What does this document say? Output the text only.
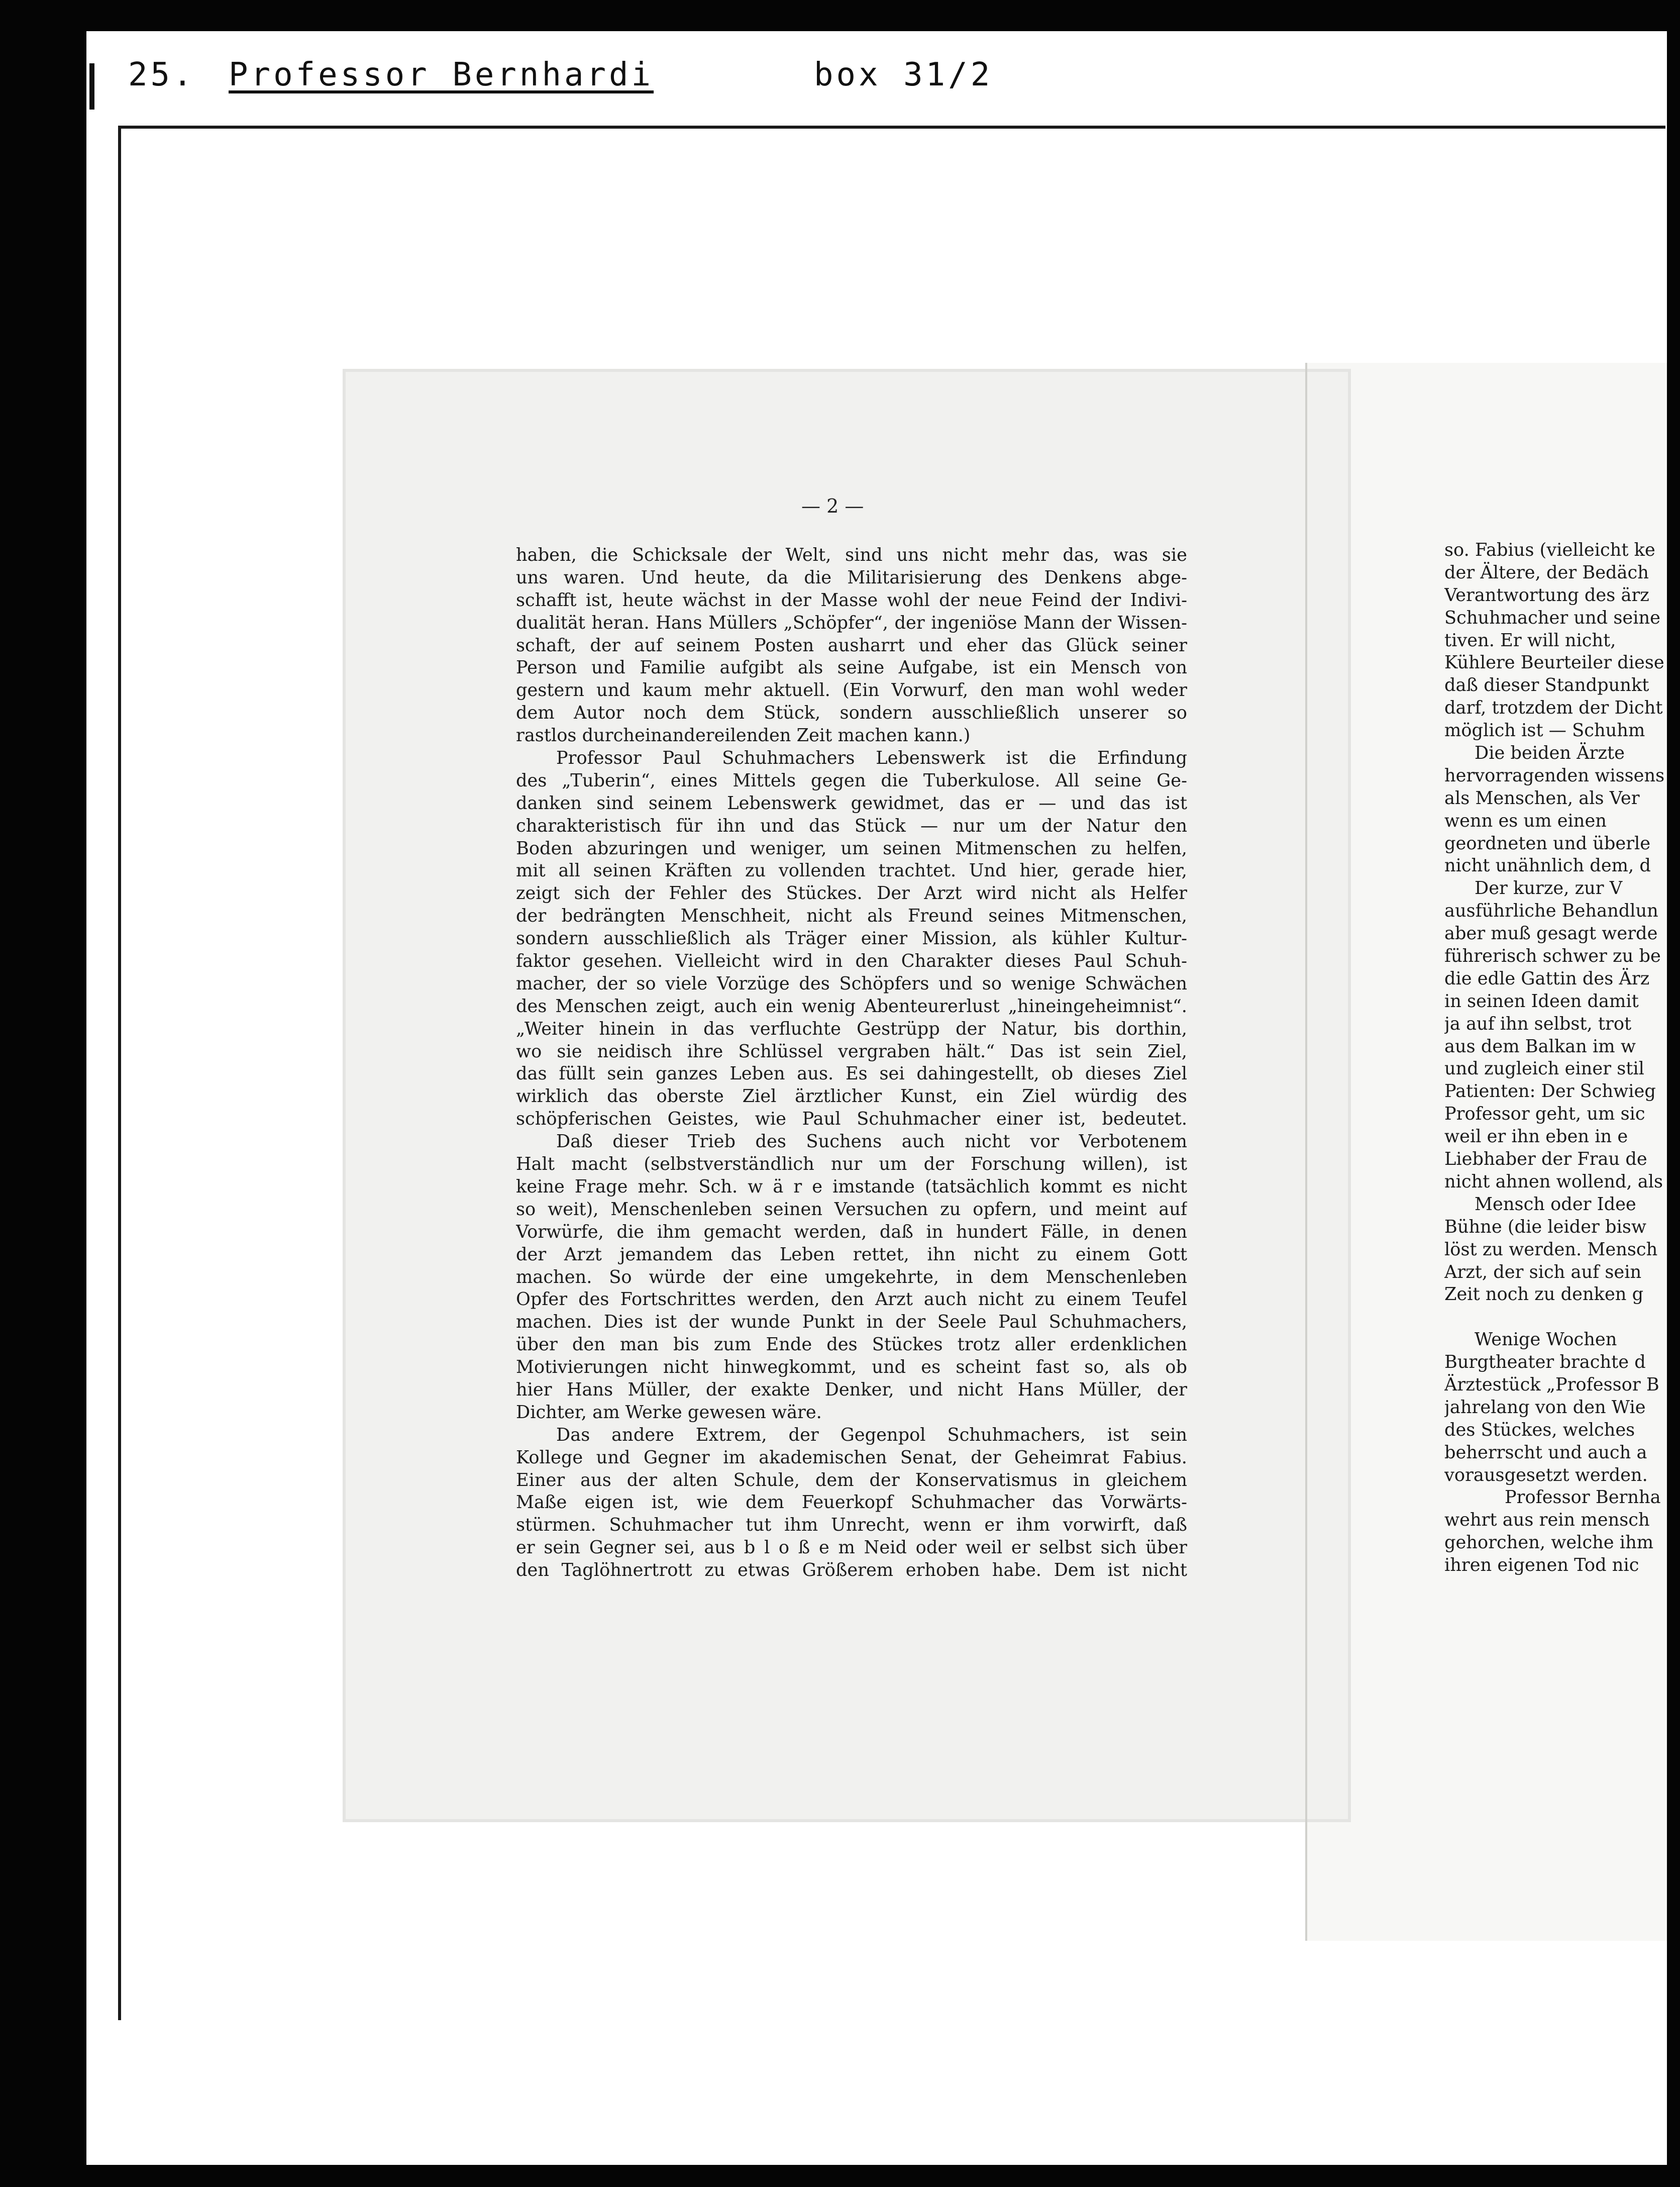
25. Professor Bernhardi	box 31/2
— 2 —
haben, die Schicksale der Welt, sind uns nicht mehr das, was sie
uns waren. Und heute, da die Militarisierung des Denkens abge-
schafft ist, heute wächst in der Masse wohl der neue Feind der Indivi-
dualität heran. Hans Müllers „Schöpfer“, der ingeniöse Mann der Wissen-
schaft, der auf seinem Posten ausharrt und eher das Glück seiner
Person und Familie aufgibt als seine Aufgabe, ist ein Mensch von
gestern und kaum mehr aktuell. (Ein Vorwurf, den man wohl weder
dem Autor noch dem Stück, sondern ausschließlich unserer so
rastlos durcheinandereilenden Zeit machen kann.)
Professor Paul Schuhmachers Lebenswerk ist die Erfindung
des „Tuberin“, eines Mittels gegen die Tuberkulose. All seine Ge-
danken sind seinem Lebenswerk gewidmet, das er — und das ist
charakteristisch für ihn und das Stück — nur um der Natur den
Boden abzuringen und weniger, um seinen Mitmenschen zu helfen,
mit all seinen Kräften zu vollenden trachtet. Und hier, gerade hier,
zeigt sich der Fehler des Stückes. Der Arzt wird nicht als Helfer
der bedrängten Menschheit, nicht als Freund seines Mitmenschen,
sondern ausschließlich als Träger einer Mission, als kühler Kultur-
faktor gesehen. Vielleicht wird in den Charakter dieses Paul Schuh-
macher, der so viele Vorzüge des Schöpfers und so wenige Schwächen
des Menschen zeigt, auch ein wenig Abenteurerlust „hineingeheimnist“.
„Weiter hinein in das verfluchte Gestrüpp der Natur, bis dorthin,
wo sie neidisch ihre Schlüssel vergraben hält.“ Das ist sein Ziel,
das füllt sein ganzes Leben aus. Es sei dahingestellt, ob dieses Ziel
wirklich das oberste Ziel ärztlicher Kunst, ein Ziel würdig des
schöpferischen Geistes, wie Paul Schuhmacher einer ist, bedeutet.
Daß dieser Trieb des Suchens auch nicht vor Verbotenem
Halt macht (selbstverständlich nur um der Forschung willen), ist
keine Frage mehr. Sch. w ä r e imstande (tatsächlich kommt es nicht
so weit), Menschenleben seinen Versuchen zu opfern, und meint auf
Vorwürfe, die ihm gemacht werden, daß in hundert Fälle, in denen
der Arzt jemandem das Leben rettet, ihn nicht zu einem Gott
machen. So würde der eine umgekehrte, in dem Menschenleben
Opfer des Fortschrittes werden, den Arzt auch nicht zu einem Teufel
machen. Dies ist der wunde Punkt in der Seele Paul Schuhmachers,
über den man bis zum Ende des Stückes trotz aller erdenklichen
Motivierungen nicht hinwegkommt, und es scheint fast so, als ob
hier Hans Müller, der exakte Denker, und nicht Hans Müller, der
Dichter, am Werke gewesen wäre.
Das andere Extrem, der Gegenpol Schuhmachers, ist sein
Kollege und Gegner im akademischen Senat, der Geheimrat Fabius.
Einer aus der alten Schule, dem der Konservatismus in gleichem
Maße eigen ist, wie dem Feuerkopf Schuhmacher das Vorwärts-
stürmen. Schuhmacher tut ihm Unrecht, wenn er ihm vorwirft, daß
er sein Gegner sei, aus b l o ß e m Neid oder weil er selbst sich über
den Taglöhnertrott zu etwas Größerem erhoben habe. Dem ist nicht
so. Fabius (vielleicht ke
der Ältere, der Bedäch
Verantwortung des ärz
Schuhmacher und seine
tiven. Er will nicht,
Kühlere Beurteiler diese
daß dieser Standpunkt
darf, trotzdem der Dicht
möglich ist — Schuhm
Die beiden Ärzte
hervorragenden wissens
als Menschen, als Ver
wenn es um einen
geordneten und überle
nicht unähnlich dem, d
Der kurze, zur V
ausführliche Behandlun
aber muß gesagt werde
führerisch schwer zu be
die edle Gattin des Ärz
in seinen Ideen damit
ja auf ihn selbst, trot
aus dem Balkan im w
und zugleich einer stil
Patienten: Der Schwieg
Professor geht, um sic
weil er ihn eben in e
Liebhaber der Frau de
nicht ahnen wollend, als
Mensch oder Idee
Bühne (die leider bisw
löst zu werden. Mensch
Arzt, der sich auf sein
Zeit noch zu denken g
Wenige Wochen
Burgtheater brachte d
Ärztestück „Professor B
jahrelang von den Wie
des Stückes, welches
beherrscht und auch a
vorausgesetzt werden.
Professor Bernha
wehrt aus rein mensch
gehorchen, welche ihm
ihren eigenen Tod nic
